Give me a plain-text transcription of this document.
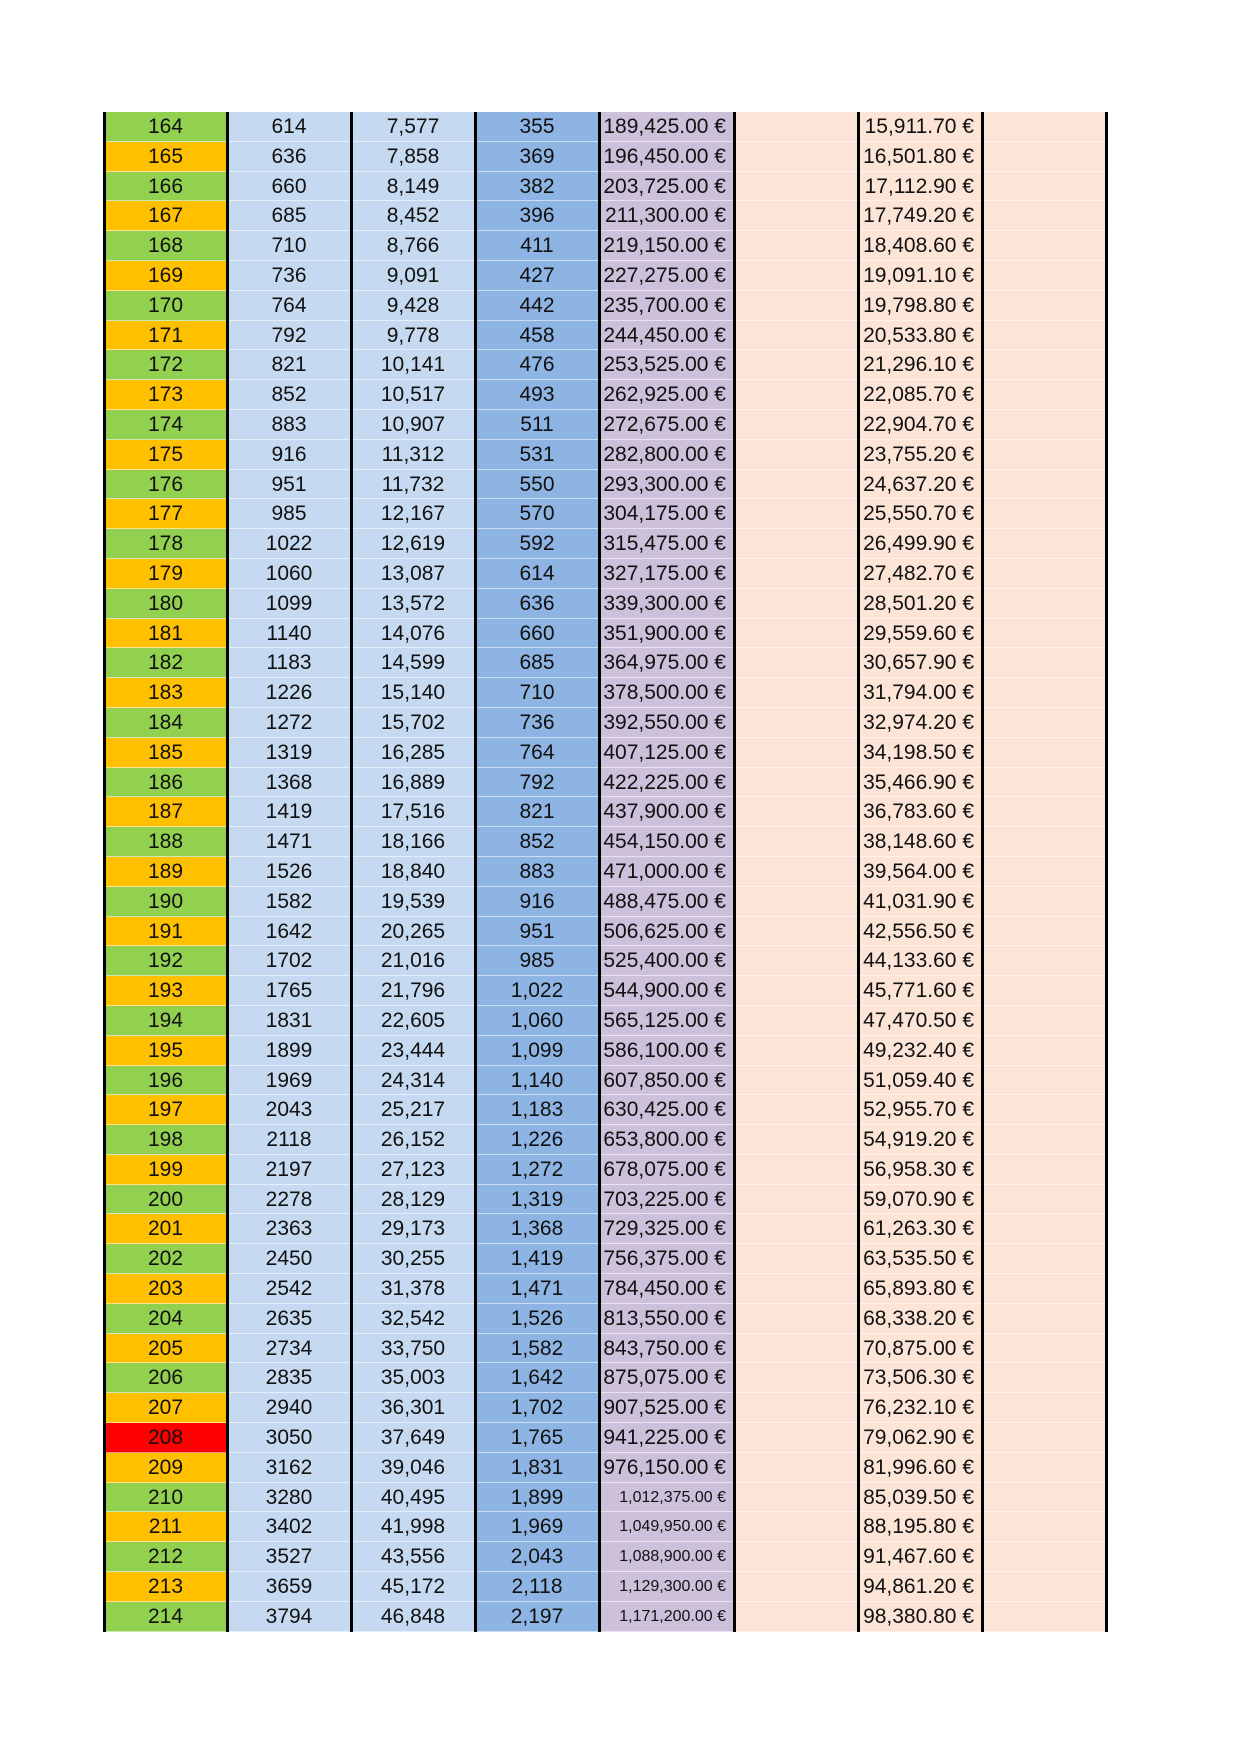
164	614	7,577	355	189,425.00 €	15,911.70 €
165	636	7,858	369	196,450.00 €	16,501.80 €
166	660	8,149	382	203,725.00 €	17,112.90 €
167	685	8,452	396	211,300.00 €	17,749.20 €
168	710	8,766	411	219,150.00 €	18,408.60 €
169	736	9,091	427	227,275.00 €	19,091.10 €
170	764	9,428	442	235,700.00 €	19,798.80 €
171	792	9,778	458	244,450.00 €	20,533.80 €
172	821	10,141	476	253,525.00 €	21,296.10 €
173	852	10,517	493	262,925.00 €	22,085.70 €
174	883	10,907	511	272,675.00 €	22,904.70 €
175	916	11,312	531	282,800.00 €	23,755.20 €
176	951	11,732	550	293,300.00 €	24,637.20 €
177	985	12,167	570	304,175.00 €	25,550.70 €
178	1022	12,619	592	315,475.00 €	26,499.90 €
179	1060	13,087	614	327,175.00 €	27,482.70 €
180	1099	13,572	636	339,300.00 €	28,501.20 €
181	1140	14,076	660	351,900.00 €	29,559.60 €
182	1183	14,599	685	364,975.00 €	30,657.90 €
183	1226	15,140	710	378,500.00 €	31,794.00 €
184	1272	15,702	736	392,550.00 €	32,974.20 €
185	1319	16,285	764	407,125.00 €	34,198.50 €
186	1368	16,889	792	422,225.00 €	35,466.90 €
187	1419	17,516	821	437,900.00 €	36,783.60 €
188	1471	18,166	852	454,150.00 €	38,148.60 €
189	1526	18,840	883	471,000.00 €	39,564.00 €
190	1582	19,539	916	488,475.00 €	41,031.90 €
191	1642	20,265	951	506,625.00 €	42,556.50 €
192	1702	21,016	985	525,400.00 €	44,133.60 €
193	1765	21,796	1,022	544,900.00 €	45,771.60 €
194	1831	22,605	1,060	565,125.00 €	47,470.50 €
195	1899	23,444	1,099	586,100.00 €	49,232.40 €
196	1969	24,314	1,140	607,850.00 €	51,059.40 €
197	2043	25,217	1,183	630,425.00 €	52,955.70 €
198	2118	26,152	1,226	653,800.00 €	54,919.20 €
199	2197	27,123	1,272	678,075.00 €	56,958.30 €
200	2278	28,129	1,319	703,225.00 €	59,070.90 €
201	2363	29,173	1,368	729,325.00 €	61,263.30 €
202	2450	30,255	1,419	756,375.00 €	63,535.50 €
203	2542	31,378	1,471	784,450.00 €	65,893.80 €
204	2635	32,542	1,526	813,550.00 €	68,338.20 €
205	2734	33,750	1,582	843,750.00 €	70,875.00 €
206	2835	35,003	1,642	875,075.00 €	73,506.30 €
207	2940	36,301	1,702	907,525.00 €	76,232.10 €
208	3050	37,649	1,765	941,225.00 €	79,062.90 €
209	3162	39,046	1,831	976,150.00 €	81,996.60 €
210	3280	40,495	1,899	1,012,375.00 €	85,039.50 €
211	3402	41,998	1,969	1,049,950.00 €	88,195.80 €
212	3527	43,556	2,043	1,088,900.00 €	91,467.60 €
213	3659	45,172	2,118	1,129,300.00 €	94,861.20 €
214	3794	46,848	2,197	1,171,200.00 €	98,380.80 €
